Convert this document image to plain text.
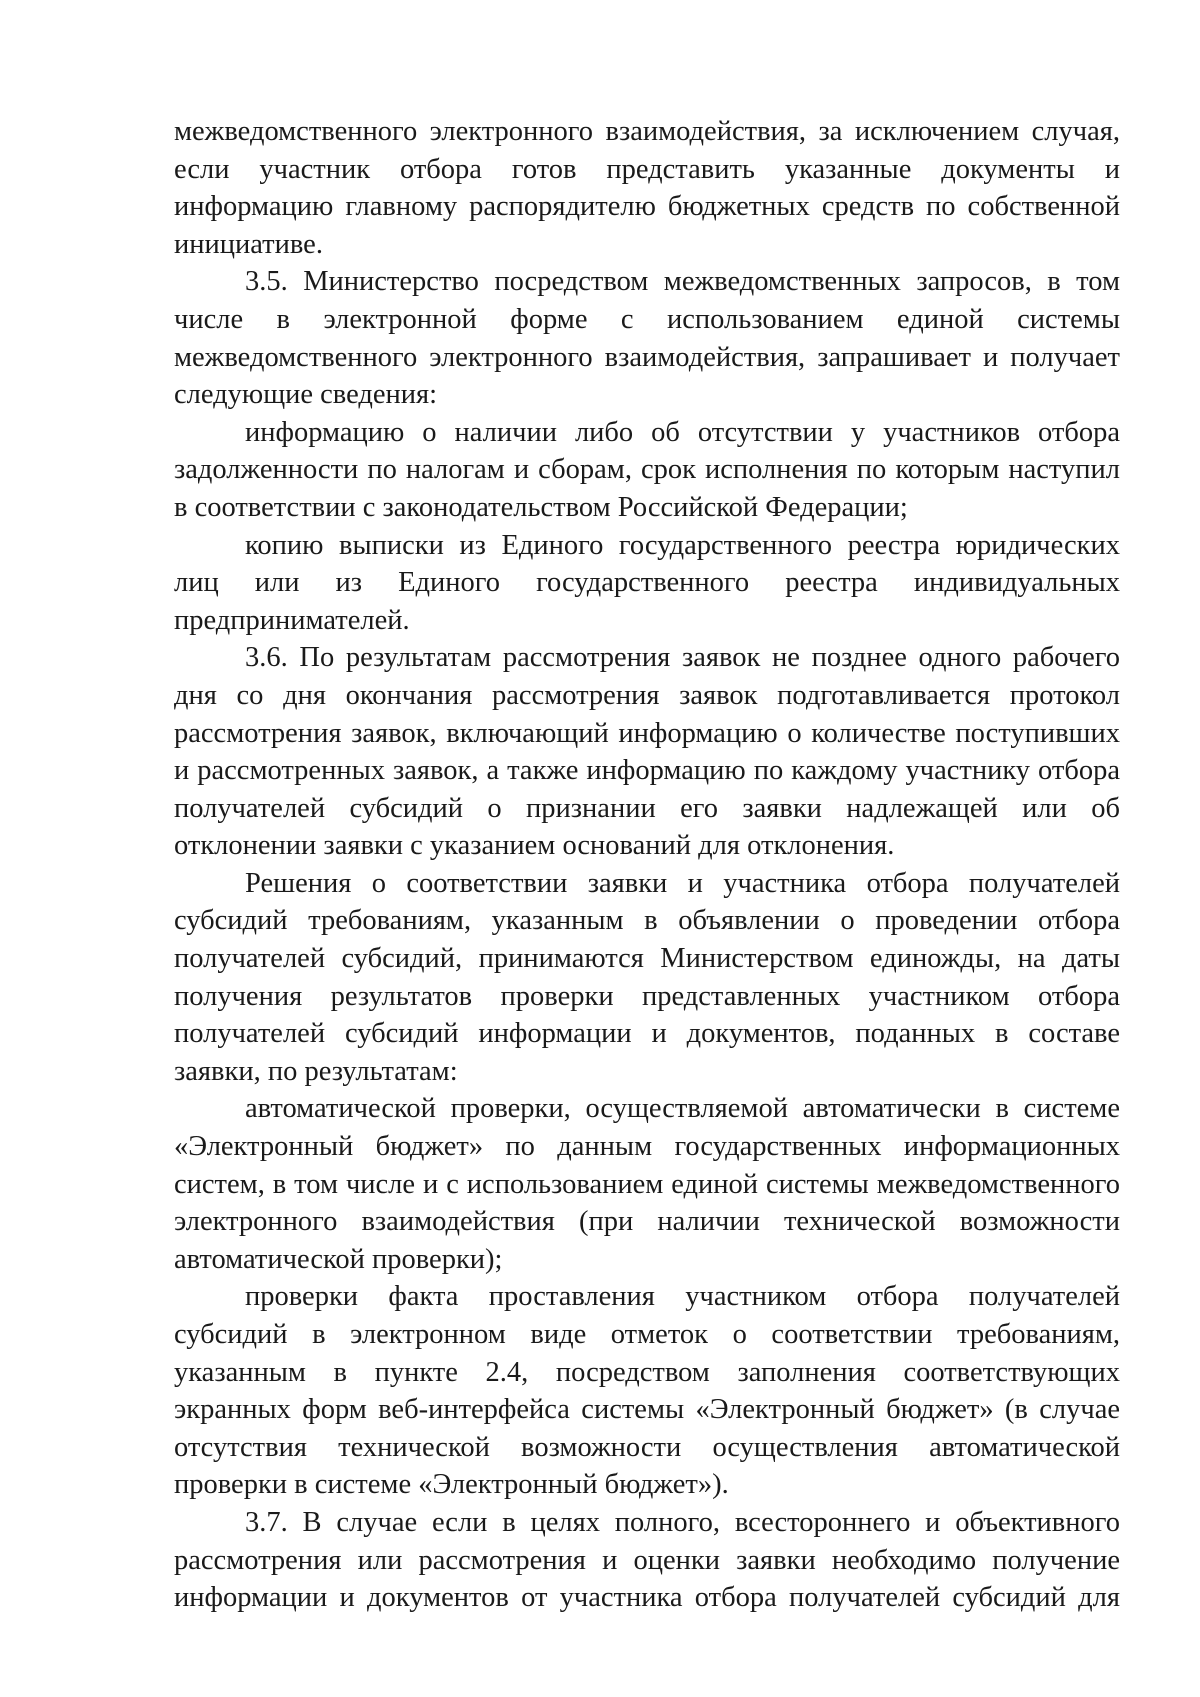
межведомственного электронного взаимодействия, за исключением случая, если участник отбора готов представить указанные документы и информацию главному распорядителю бюджетных средств по собственной инициативе.

3.5. Министерство посредством межведомственных запросов, в том числе в электронной форме с использованием единой системы межведомственного электронного взаимодействия, запрашивает и получает следующие сведения:

информацию о наличии либо об отсутствии у участников отбора задолженности по налогам и сборам, срок исполнения по которым наступил в соответствии с законодательством Российской Федерации;

копию выписки из Единого государственного реестра юридических лиц или из Единого государственного реестра индивидуальных предпринимателей.

3.6. По результатам рассмотрения заявок не позднее одного рабочего дня со дня окончания рассмотрения заявок подготавливается протокол рассмотрения заявок, включающий информацию о количестве поступивших и рассмотренных заявок, а также информацию по каждому участнику отбора получателей субсидий о признании его заявки надлежащей или об отклонении заявки с указанием оснований для отклонения.

Решения о соответствии заявки и участника отбора получателей субсидий требованиям, указанным в объявлении о проведении отбора получателей субсидий, принимаются Министерством единожды, на даты получения результатов проверки представленных участником отбора получателей субсидий информации и документов, поданных в составе заявки, по результатам:

автоматической проверки, осуществляемой автоматически в системе «Электронный бюджет» по данным государственных информационных систем, в том числе и с использованием единой системы межведомственного электронного взаимодействия (при наличии технической возможности автоматической проверки);

проверки факта проставления участником отбора получателей субсидий в электронном виде отметок о соответствии требованиям, указанным в пункте 2.4, посредством заполнения соответствующих экранных форм веб-интерфейса системы «Электронный бюджет» (в случае отсутствия технической возможности осуществления автоматической проверки в системе «Электронный бюджет»).

3.7. В случае если в целях полного, всестороннего и объективного рассмотрения или рассмотрения и оценки заявки необходимо получение информации и документов от участника отбора получателей субсидий для
